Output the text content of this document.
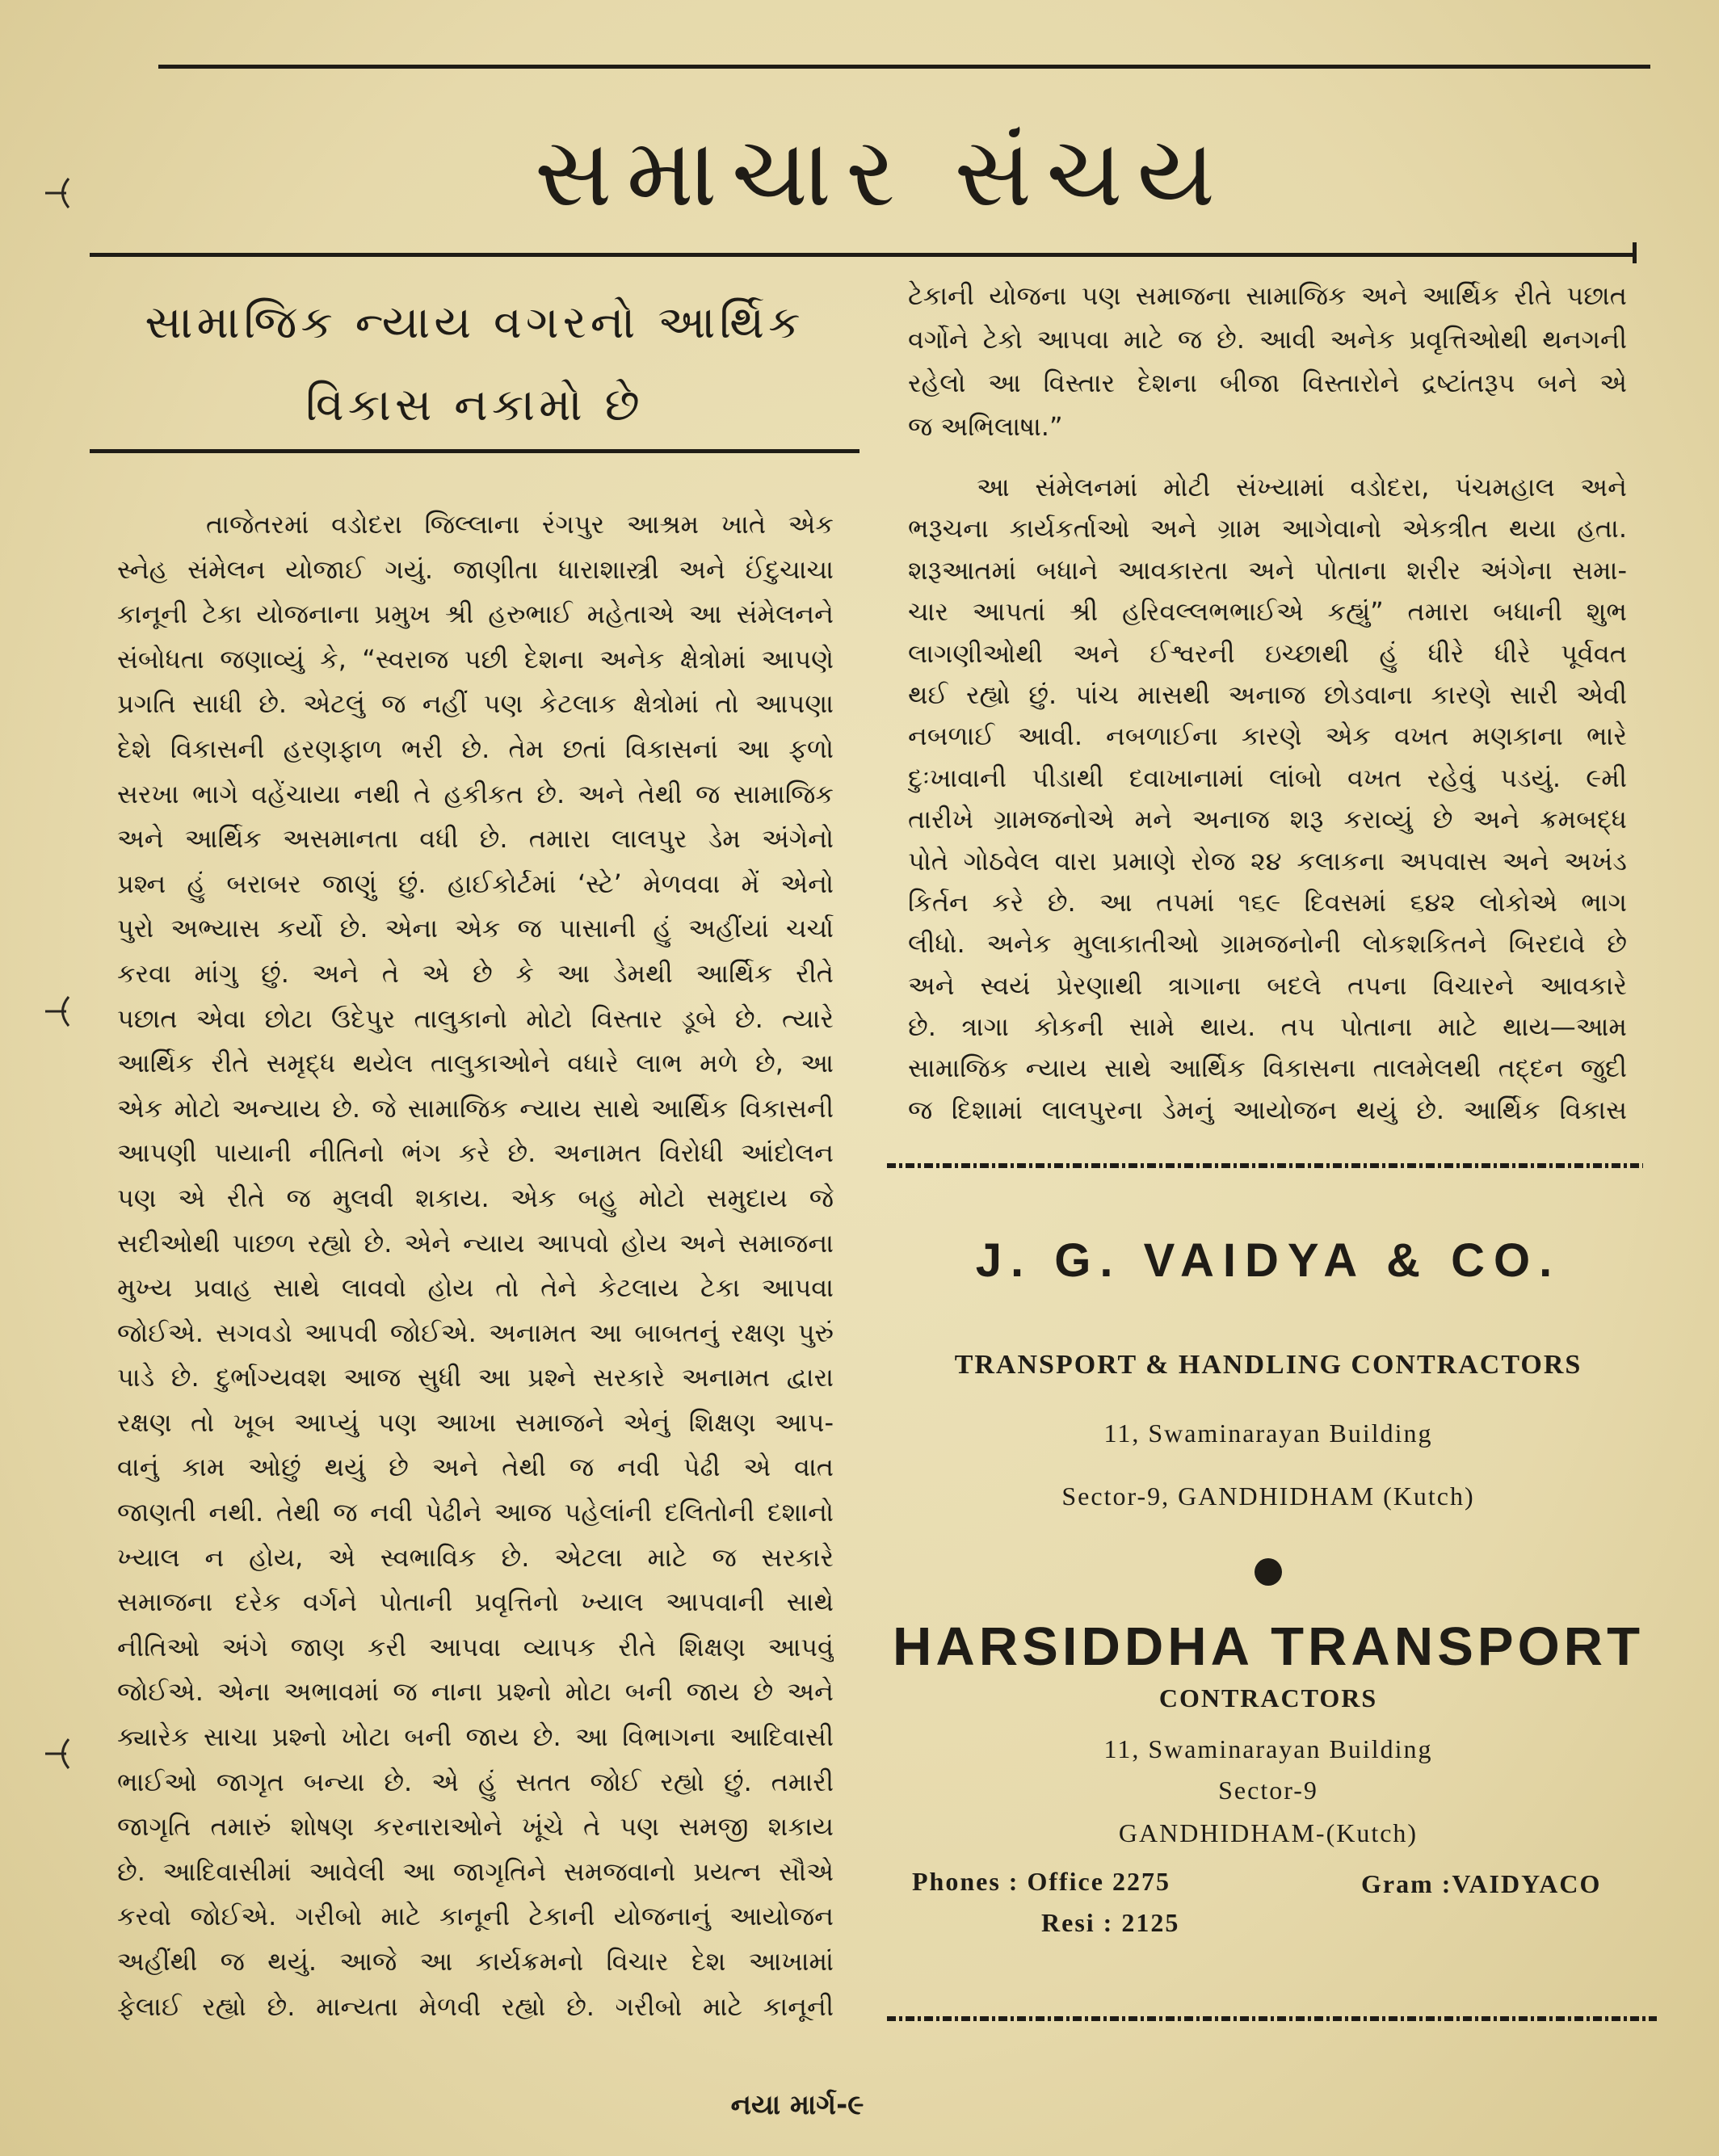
સમાચાર સંચય
સામાજિક ન્યાય વગરનો આર્થિક
વિકાસ નકામો છે
તાજેતરમાં વડોદરા જિલ્લાના રંગપુર આશ્રમ ખાતે એક
સ્નેહ સંમેલન યોજાઈ ગયું. જાણીતા ધારાશાસ્ત્રી અને ઈંદુચાચા
કાનૂની ટેકા યોજનાના પ્રમુખ શ્રી હરુભાઈ મહેતાએ આ સંમેલનને
સંબોધતા જણાવ્યું કે, “સ્વરાજ પછી દેશના અનેક ક્ષેત્રોમાં આપણે
પ્રગતિ સાધી છે. એટલું જ નહીં પણ કેટલાક ક્ષેત્રોમાં તો આપણા
દેશે વિકાસની હરણફાળ ભરી છે. તેમ છતાં વિકાસનાં આ ફળો
સરખા ભાગે વહેંચાયા નથી તે હકીકત છે. અને તેથી જ સામાજિક
અને આર્થિક અસમાનતા વધી છે. તમારા લાલપુર ડેમ અંગેનો
પ્રશ્ન હું બરાબર જાણું છું. હાઈકોર્ટમાં ‘સ્ટે’ મેળવવા મેં એનો
પુરો અભ્યાસ કર્યો છે. એના એક જ પાસાની હું અહીંયાં ચર્ચા
કરવા માંગુ છું. અને તે એ છે કે આ ડેમથી આર્થિક રીતે
પછાત એવા છોટા ઉદેપુર તાલુકાનો મોટો વિસ્તાર ડૂબે છે. ત્યારે
આર્થિક રીતે સમૃદ્ધ થયેલ તાલુકાઓને વધારે લાભ મળે છે, આ
એક મોટો અન્યાય છે. જે સામાજિક ન્યાય સાથે આર્થિક વિકાસની
આપણી પાયાની નીતિનો ભંગ કરે છે. અનામત વિરોધી આંદોલન
પણ એ રીતે જ મુલવી શકાય. એક બહુ મોટો સમુદાય જે
સદીઓથી પાછળ રહ્યો છે. એને ન્યાય આપવો હોય અને સમાજના
મુખ્ય પ્રવાહ સાથે લાવવો હોય તો તેને કેટલાય ટેકા આપવા
જોઈએ. સગવડો આપવી જોઈએ. અનામત આ બાબતનું રક્ષણ પુરું
પાડે છે. દુર્ભાગ્યવશ આજ સુધી આ પ્રશ્ને સરકારે અનામત દ્વારા
રક્ષણ તો ખૂબ આપ્યું પણ આખા સમાજને એનું શિક્ષણ આપ-
વાનું કામ ઓછું થયું છે અને તેથી જ નવી પેઢી એ વાત
જાણતી નથી. તેથી જ નવી પેઢીને આજ પહેલાંની દલિતોની દશાનો
ખ્યાલ ન હોય, એ સ્વભાવિક છે. એટલા માટે જ સરકારે
સમાજના દરેક વર્ગને પોતાની પ્રવૃત્તિનો ખ્યાલ આપવાની સાથે
નીતિઓ અંગે જાણ કરી આપવા વ્યાપક રીતે શિક્ષણ આપવું
જોઈએ. એના અભાવમાં જ નાના પ્રશ્નો મોટા બની જાય છે અને
ક્યારેક સાચા પ્રશ્નો ખોટા બની જાય છે. આ વિભાગના આદિવાસી
ભાઈઓ જાગૃત બન્યા છે. એ હું સતત જોઈ રહ્યો છું. તમારી
જાગૃતિ તમારું શોષણ કરનારાઓને ખૂંચે તે પણ સમજી શકાય
છે. આદિવાસીમાં આવેલી આ જાગૃતિને સમજવાનો પ્રયત્ન સૌએ
કરવો જોઈએ. ગરીબો માટે કાનૂની ટેકાની યોજનાનું આયોજન
અહીંથી જ થયું. આજે આ કાર્યક્રમનો વિચાર દેશ આખામાં
ફેલાઈ રહ્યો છે. માન્યતા મેળવી રહ્યો છે. ગરીબો માટે કાનૂની
ટેકાની યોજના પણ સમાજના સામાજિક અને આર્થિક રીતે પછાત
વર્ગોને ટેકો આપવા માટે જ છે. આવી અનેક પ્રવૃત્તિઓથી થનગની
રહેલો આ વિસ્તાર દેશના બીજા વિસ્તારોને દ્રષ્ટાંતરૂપ બને એ
જ અભિલાષા.”
આ સંમેલનમાં મોટી સંખ્યામાં વડોદરા, પંચમહાલ અને
ભરૂચના કાર્યકર્તાઓ અને ગ્રામ આગેવાનો એકત્રીત થયા હતા.
શરૂઆતમાં બધાને આવકારતા અને પોતાના શરીર અંગેના સમા-
ચાર આપતાં શ્રી હરિવલ્લભભાઈએ કહ્યું” તમારા બધાની શુભ
લાગણીઓથી અને ઈશ્વરની ઇચ્છાથી હું ધીરે ધીરે પૂર્વવત
થઈ રહ્યો છું. પાંચ માસથી અનાજ છોડવાના કારણે સારી એવી
નબળાઈ આવી. નબળાઈના કારણે એક વખત મણકાના ભારે
દુઃખાવાની પીડાથી દવાખાનામાં લાંબો વખત રહેવું પડયું. ૯મી
તારીખે ગ્રામજનોએ મને અનાજ શરૂ કરાવ્યું છે અને ક્રમબદ્ધ
પોતે ગોઠવેલ વારા પ્રમાણે રોજ ૨૪ કલાકના અપવાસ અને અખંડ
કિર્તન કરે છે. આ તપમાં ૧૬૯ દિવસમાં ૬૪૨ લોકોએ ભાગ
લીધો. અનેક મુલાકાતીઓ ગ્રામજનોની લોકશકિતને બિરદાવે છે
અને સ્વયં પ્રેરણાથી ત્રાગાના બદલે તપના વિચારને આવકારે
છે. ત્રાગા કોકની સામે થાય. તપ પોતાના માટે થાય—આમ
સામાજિક ન્યાય સાથે આર્થિક વિકાસના તાલમેલથી તદ્દન જુદી
જ દિશામાં લાલપુરના ડેમનું આયોજન થયું છે. આર્થિક વિકાસ
J. G. VAIDYA & CO.
TRANSPORT & HANDLING CONTRACTORS
11, Swaminarayan Building
Sector-9, GANDHIDHAM (Kutch)
HARSIDDHA TRANSPORT
CONTRACTORS
11, Swaminarayan Building
Sector-9
GANDHIDHAM-(Kutch)
Phones : Office 2275	Gram :VAIDYACO
Resi : 2125
નયા માર્ગ-૯
